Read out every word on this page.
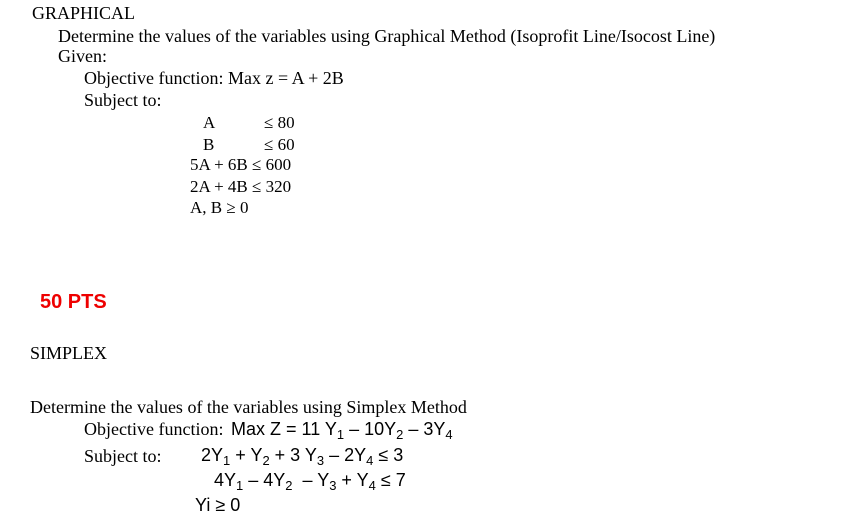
GRAPHICAL
Determine the values of the variables using Graphical Method (Isoprofit Line/Isocost Line)
Given:
Objective function: Max z = A + 2B
Subject to:
A	≤ 80
B	≤ 60
5A + 6B ≤ 600
2A + 4B ≤ 320
A, B ≥ 0
50 PTS
SIMPLEX
Determine the values of the variables using Simplex Method
Objective function: Max Z = 11 $Y_1 - 10Y_2 - 3Y_4$
Subject to: $2Y_1 + Y_2 + 3$ $Y_3 - 2Y_4 \le 3$
$4Y_1 - 4Y_2 - Y_3 + Y_4 \le 7$
Yi ≥ 0
